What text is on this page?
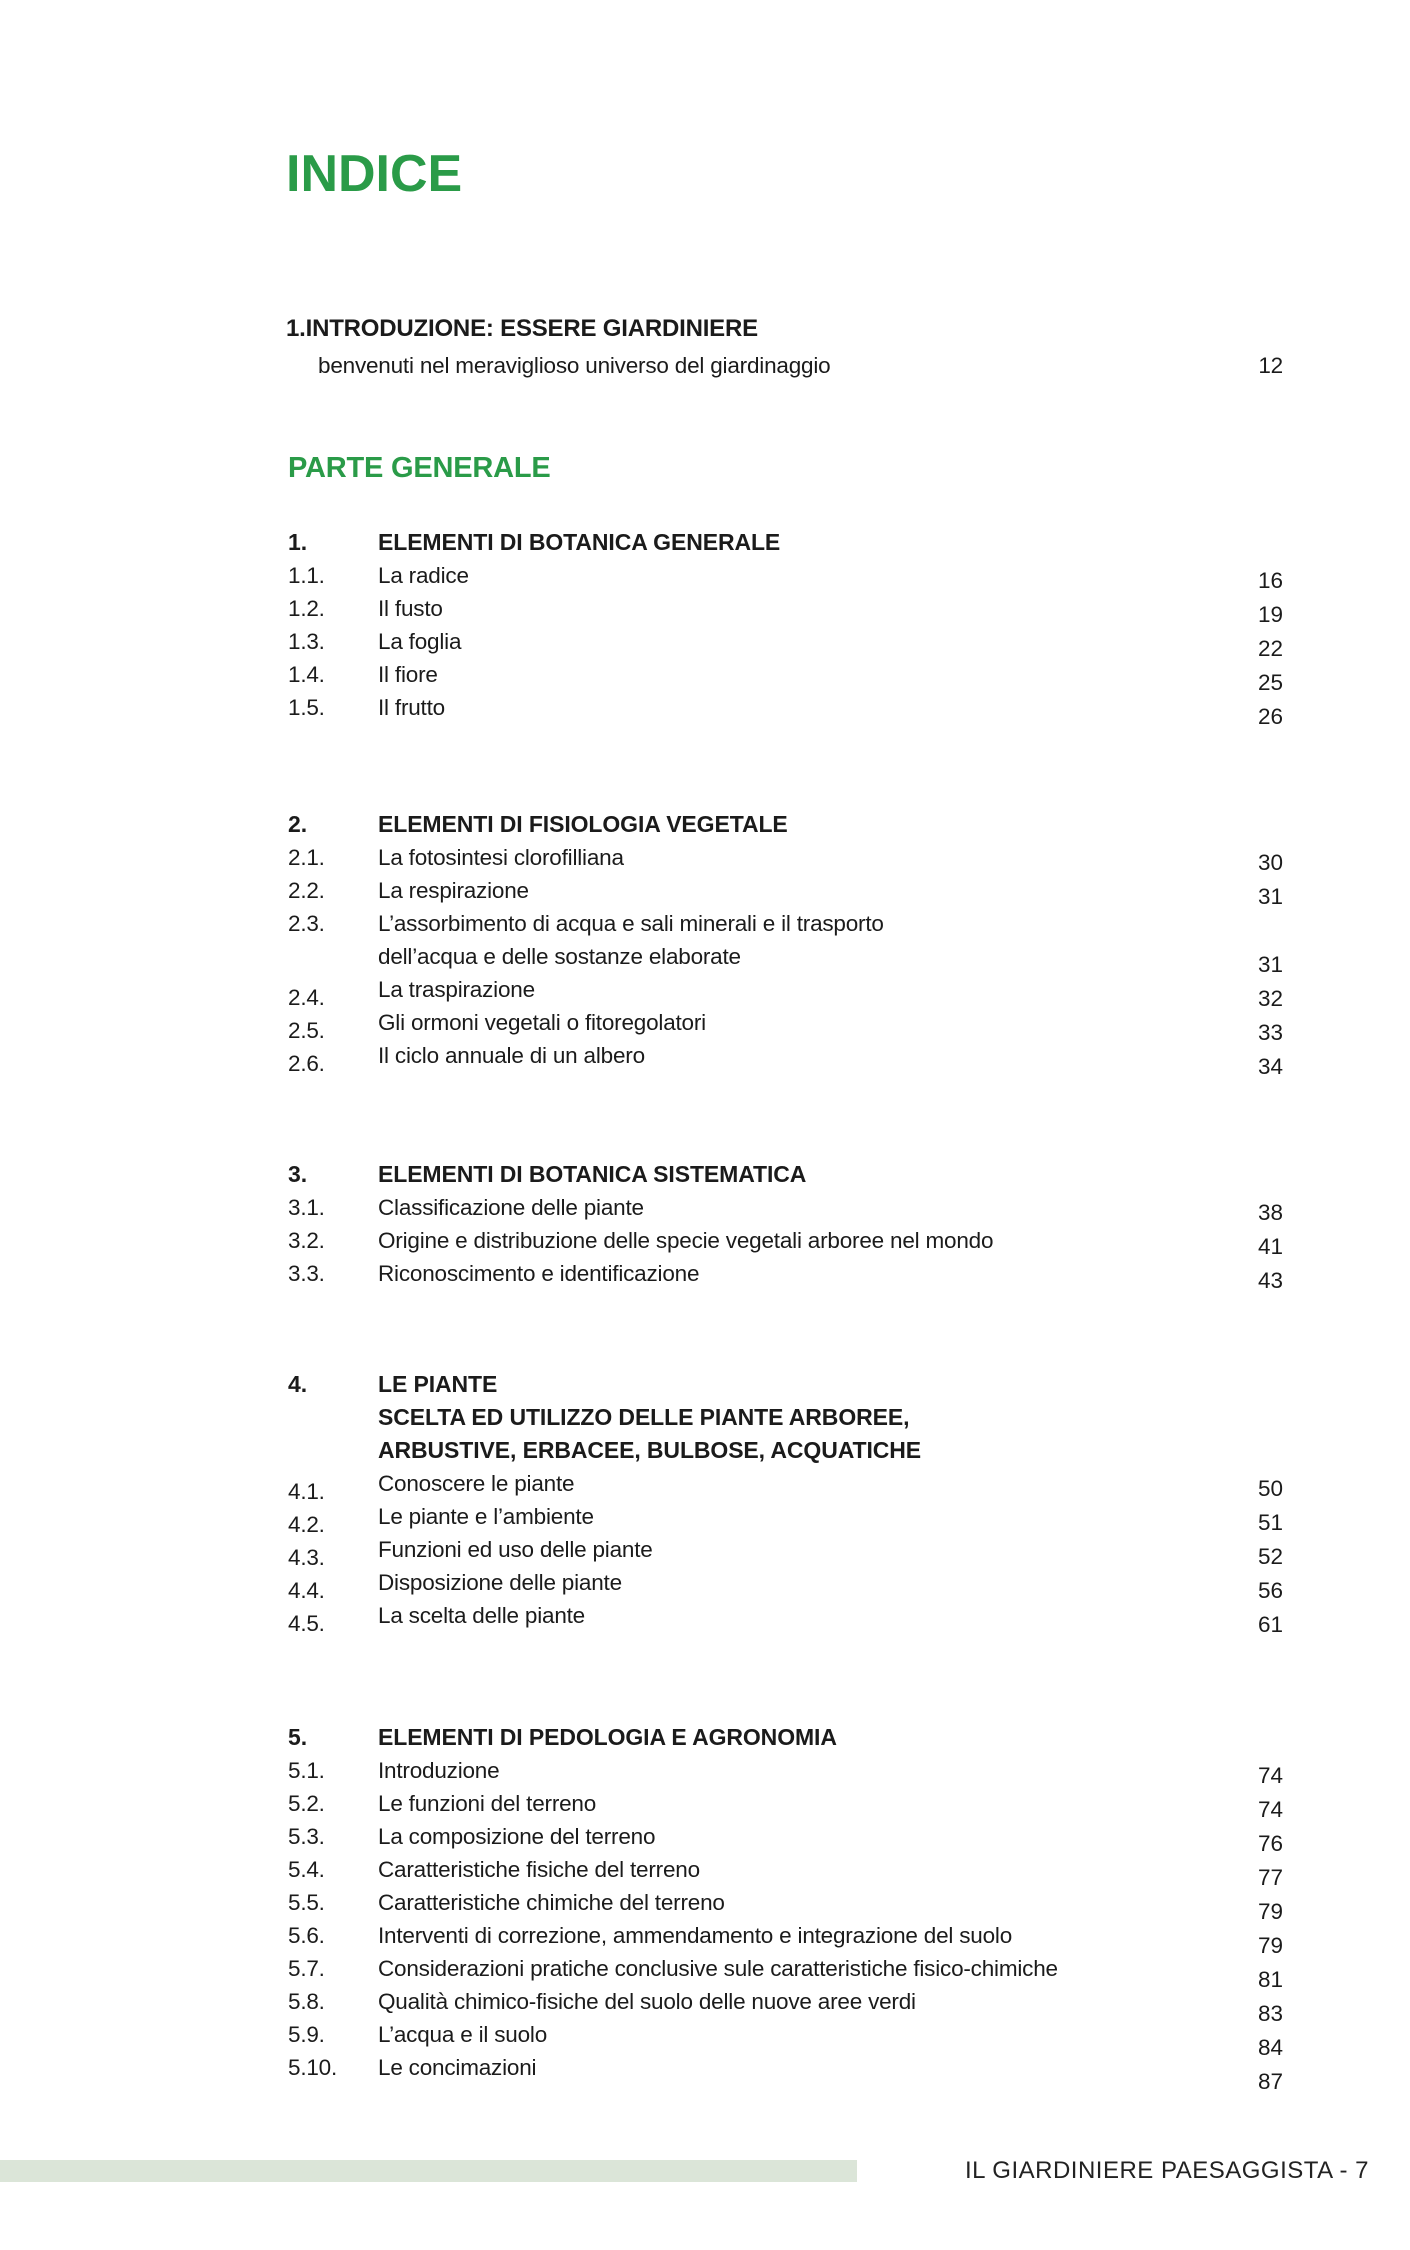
INDICE
1.INTRODUZIONE: ESSERE GIARDINIERE
benvenuti nel meraviglioso universo del giardinaggio	12
PARTE GENERALE
1.
1.1.
1.2.
1.3.
1.4.
1.5.
ELEMENTI DI BOTANICA GENERALE
La radice
Il fusto
La foglia
Il fiore
Il frutto
16
19
22
25
26
2.
2.1.
2.2.
2.3.
2.4.
2.5.
2.6.
ELEMENTI DI FISIOLOGIA VEGETALE
La fotosintesi clorofilliana
La respirazione
L’assorbimento di acqua e sali minerali e il trasporto
dell’acqua e delle sostanze elaborate
La traspirazione
Gli ormoni vegetali o fitoregolatori
Il ciclo annuale di un albero
30
31
31
32
33
34
3.
3.1.
3.2.
3.3.
ELEMENTI DI BOTANICA SISTEMATICA
Classificazione delle piante
Origine e distribuzione delle specie vegetali arboree nel mondo
Riconoscimento e identificazione
38
41
43
4.
4.1.
4.2.
4.3.
4.4.
4.5.
LE PIANTE
SCELTA ED UTILIZZO DELLE PIANTE ARBOREE,
ARBUSTIVE, ERBACEE, BULBOSE, ACQUATICHE
Conoscere le piante
Le piante e l’ambiente
Funzioni ed uso delle piante
Disposizione delle piante
La scelta delle piante
50
51
52
56
61
5.
5.1.
5.2.
5.3.
5.4.
5.5.
5.6.
5.7.
5.8.
5.9.
5.10.
ELEMENTI DI PEDOLOGIA E AGRONOMIA
Introduzione
Le funzioni del terreno
La composizione del terreno
Caratteristiche fisiche del terreno
Caratteristiche chimiche del terreno
Interventi di correzione, ammendamento e integrazione del suolo
Considerazioni pratiche conclusive sule caratteristiche fisico-chimiche
Qualità chimico-fisiche del suolo delle nuove aree verdi
L’acqua e il suolo
Le concimazioni
74
74
76
77
79
79
81
83
84
87
IL GIARDINIERE PAESAGGISTA - 7
